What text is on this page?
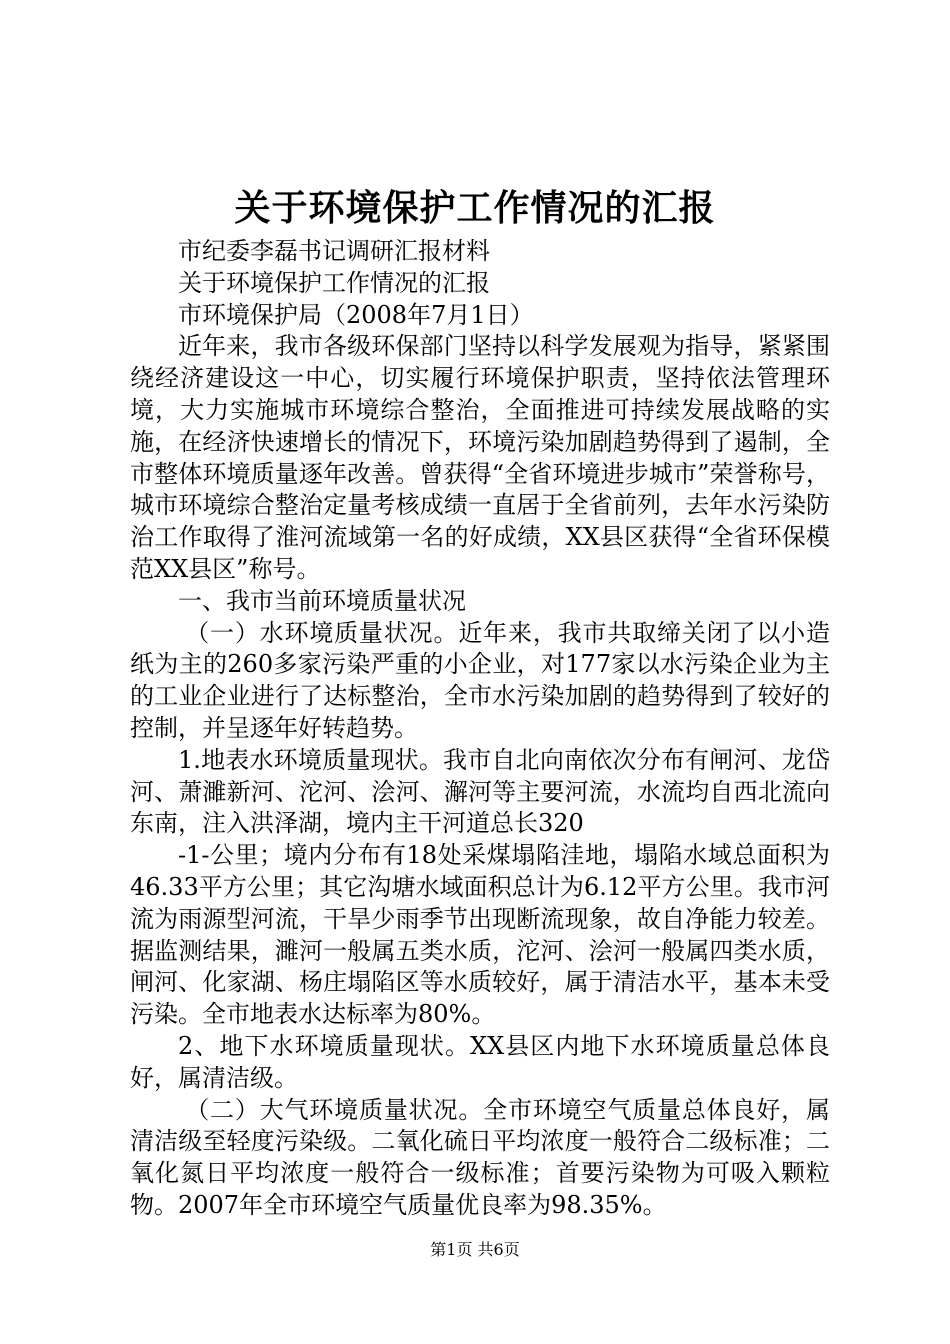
关于环境保护工作情况的汇报

市纪委李磊书记调研汇报材料

关于环境保护工作情况的汇报

市环境保护局（2008年7月1日）

近年来，我市各级环保部门坚持以科学发展观为指导，紧紧围绕经济建设这一中心，切实履行环境保护职责，坚持依法管理环境，大力实施城市环境综合整治，全面推进可持续发展战略的实施，在经济快速增长的情况下，环境污染加剧趋势得到了遏制，全市整体环境质量逐年改善。曾获得“全省环境进步城市”荣誉称号，城市环境综合整治定量考核成绩一直居于全省前列，去年水污染防治工作取得了淮河流域第一名的好成绩，XX县区获得“全省环保模范XX县区”称号。

一、我市当前环境质量状况

（一）水环境质量状况。近年来，我市共取缔关闭了以小造纸为主的260多家污染严重的小企业，对177家以水污染企业为主的工业企业进行了达标整治，全市水污染加剧的趋势得到了较好的控制，并呈逐年好转趋势。

1.地表水环境质量现状。我市自北向南依次分布有闸河、龙岱河、萧濉新河、沱河、浍河、澥河等主要河流，水流均自西北流向东南，注入洪泽湖，境内主干河道总长320

-1-公里；境内分布有18处采煤塌陷洼地，塌陷水域总面积为46.33平方公里；其它沟塘水域面积总计为6.12平方公里。我市河流为雨源型河流，干旱少雨季节出现断流现象，故自净能力较差。据监测结果，濉河一般属五类水质，沱河、浍河一般属四类水质，闸河、化家湖、杨庄塌陷区等水质较好，属于清洁水平，基本未受污染。全市地表水达标率为80%。

2、地下水环境质量现状。XX县区内地下水环境质量总体良好，属清洁级。

（二）大气环境质量状况。全市环境空气质量总体良好，属清洁级至轻度污染级。二氧化硫日平均浓度一般符合二级标准；二氧化氮日平均浓度一般符合一级标准；首要污染物为可吸入颗粒物。2007年全市环境空气质量优良率为98.35%。

第1页 共6页
